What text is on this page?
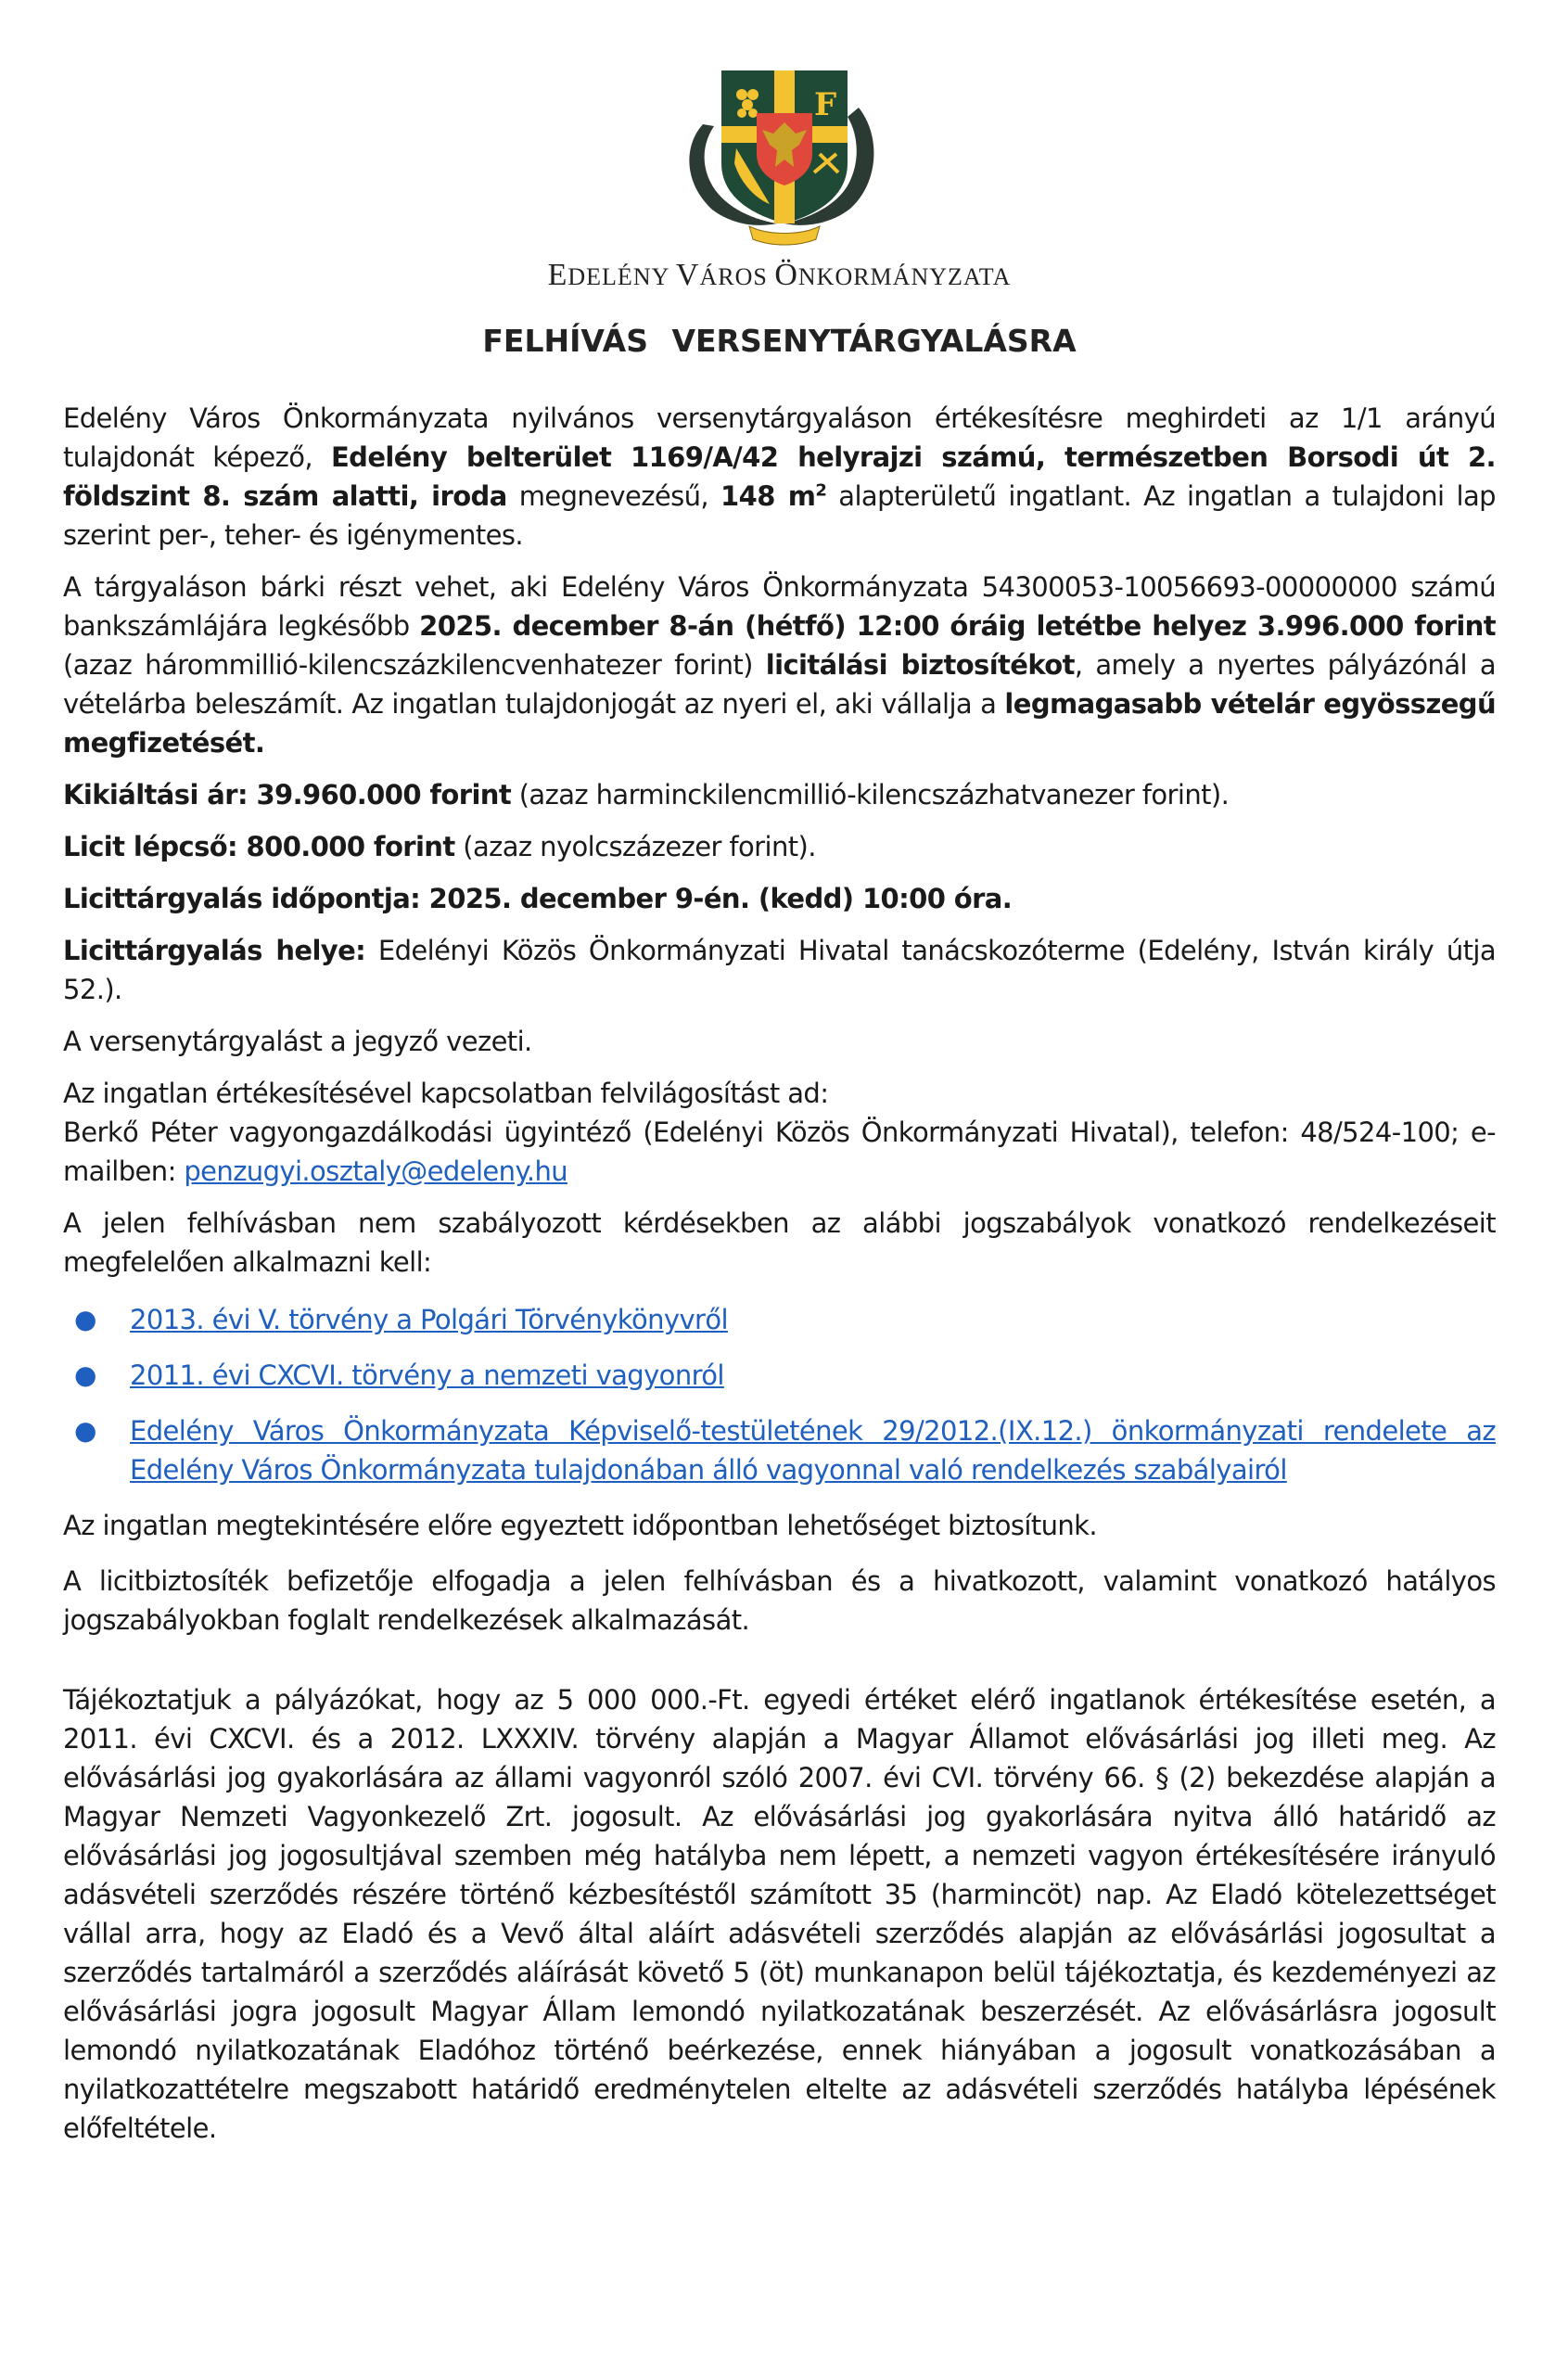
F
EDELÉNY VÁROS ÖNKORMÁNYZATA
FELHÍVÁS VERSENYTÁRGYALÁSRA

Edelény Város Önkormányzata nyilvános versenytárgyaláson értékesítésre meghirdeti az 1/1 arányú tulajdonát képező, Edelény belterület 1169/A/42 helyrajzi számú, természetben Borsodi út 2. földszint 8. szám alatti, iroda megnevezésű, 148 $m^2$ alapterületű ingatlant. Az ingatlan a tulajdoni lap szerint per-, teher- és igénymentes.

A tárgyaláson bárki részt vehet, aki Edelény Város Önkormányzata 54300053-10056693-00000000 számú bankszámlájára legkésőbb 2025. december 8-án (hétfő) 12:00 óráig letétbe helyez 3.996.000 forint (azaz hárommillió-kilencszázkilencvenhatezer forint) licitálási biztosítékot, amely a nyertes pályázónál a vételárba beleszámít. Az ingatlan tulajdonjogát az nyeri el, aki vállalja a legmagasabb vételár egyösszegű megfizetését.

Kikiáltási ár: 39.960.000 forint (azaz harminckilencmillió-kilencszázhatvanezer forint).

Licit lépcső: 800.000 forint (azaz nyolcszázezer forint).

Licittárgyalás időpontja: 2025. december 9-én. (kedd) 10:00 óra.

Licittárgyalás helye: Edelényi Közös Önkormányzati Hivatal tanácskozóterme (Edelény, István király útja 52.).

A versenytárgyalást a jegyző vezeti.

Az ingatlan értékesítésével kapcsolatban felvilágosítást ad:
Berkő Péter vagyongazdálkodási ügyintéző (Edelényi Közös Önkormányzati Hivatal), telefon: 48/524-100; e-mailben: penzugyi.osztaly@edeleny.hu

A jelen felhívásban nem szabályozott kérdésekben az alábbi jogszabályok vonatkozó rendelkezéseit megfelelően alkalmazni kell:

● 2013. évi V. törvény a Polgári Törvénykönyvről
● 2011. évi CXCVI. törvény a nemzeti vagyonról
● Edelény Város Önkormányzata Képviselő-testületének 29/2012.(IX.12.) önkormányzati rendelete az Edelény Város Önkormányzata tulajdonában álló vagyonnal való rendelkezés szabályairól

Az ingatlan megtekintésére előre egyeztett időpontban lehetőséget biztosítunk.

A licitbiztosíték befizetője elfogadja a jelen felhívásban és a hivatkozott, valamint vonatkozó hatályos jogszabályokban foglalt rendelkezések alkalmazását.

Tájékoztatjuk a pályázókat, hogy az 5 000 000.-Ft. egyedi értéket elérő ingatlanok értékesítése esetén, a 2011. évi CXCVI. és a 2012. LXXXIV. törvény alapján a Magyar Államot elővásárlási jog illeti meg. Az elővásárlási jog gyakorlására az állami vagyonról szóló 2007. évi CVI. törvény 66. § (2) bekezdése alapján a Magyar Nemzeti Vagyonkezelő Zrt. jogosult. Az elővásárlási jog gyakorlására nyitva álló határidő az elővásárlási jog jogosultjával szemben még hatályba nem lépett, a nemzeti vagyon értékesítésére irányuló adásvételi szerződés részére történő kézbesítéstől számított 35 (harmincöt) nap. Az Eladó kötelezettséget vállal arra, hogy az Eladó és a Vevő által aláírt adásvételi szerződés alapján az elővásárlási jogosultat a szerződés tartalmáról a szerződés aláírását követő 5 (öt) munkanapon belül tájékoztatja, és kezdeményezi az elővásárlási jogra jogosult Magyar Állam lemondó nyilatkozatának beszerzését. Az elővásárlásra jogosult lemondó nyilatkozatának Eladóhoz történő beérkezése, ennek hiányában a jogosult vonatkozásában a nyilatkozattételre megszabott határidő eredménytelen eltelte az adásvételi szerződés hatályba lépésének előfeltétele.
